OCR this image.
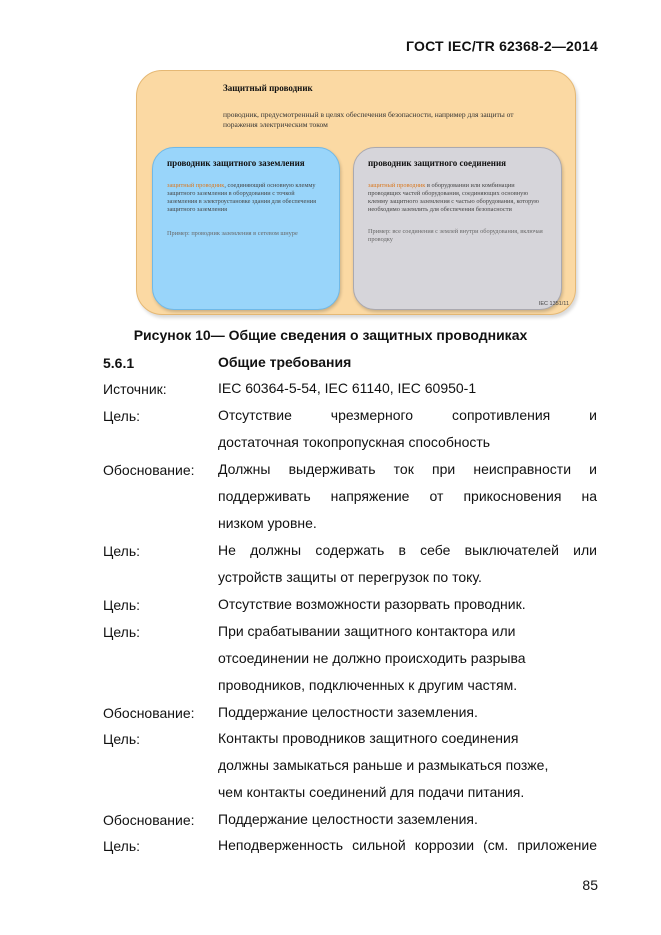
ГОСТ IEC/TR 62368-2—2014
Защитный проводник
проводник, предусмотренный в целях обеспечения безопасности, например для защиты от поражения электрическим током
проводник защитного заземления
защитный проводник, соединяющий основную клемму защитного заземления в оборудовании с точкой заземления в электроустановке здания для обеспечения защитного заземления
Пример: проводник заземления в сетевом шнуре
проводник защитного соединения
защитный проводник в оборудовании или комбинации проводящих частей оборудования, соединяющих основную клемму защитного заземления с частью оборудования, которую необходимо заземлить для обеспечения безопасности
Пример: все соединения с землей внутри оборудования, включая проводку
IEC 1351/11
Рисунок 10— Общие сведения о защитных проводниках
5.6.1	Общие требования
Источник:	IEC 60364-5-54, IEC 61140, IEC 60950-1
Цель:	Отсутствие чрезмерного сопротивления и
достаточная токопропускная способность
Обоснование: Должны выдерживать ток при неисправности и
поддерживать напряжение от прикосновения на
низком уровне.
Цель:	Не должны содержать в себе выключателей или
устройств защиты от перегрузок по току.
Цель:	Отсутствие возможности разорвать проводник.
Цель:	При срабатывании защитного контактора или
отсоединении не должно происходить разрыва
проводников, подключенных к другим частям.
Обоснование: Поддержание целостности заземления.
Цель:	Контакты проводников защитного соединения
должны замыкаться раньше и размыкаться позже,
чем контакты соединений для подачи питания.
Обоснование: Поддержание целостности заземления.
Цель:	Неподверженность сильной коррозии (см. приложение
85
